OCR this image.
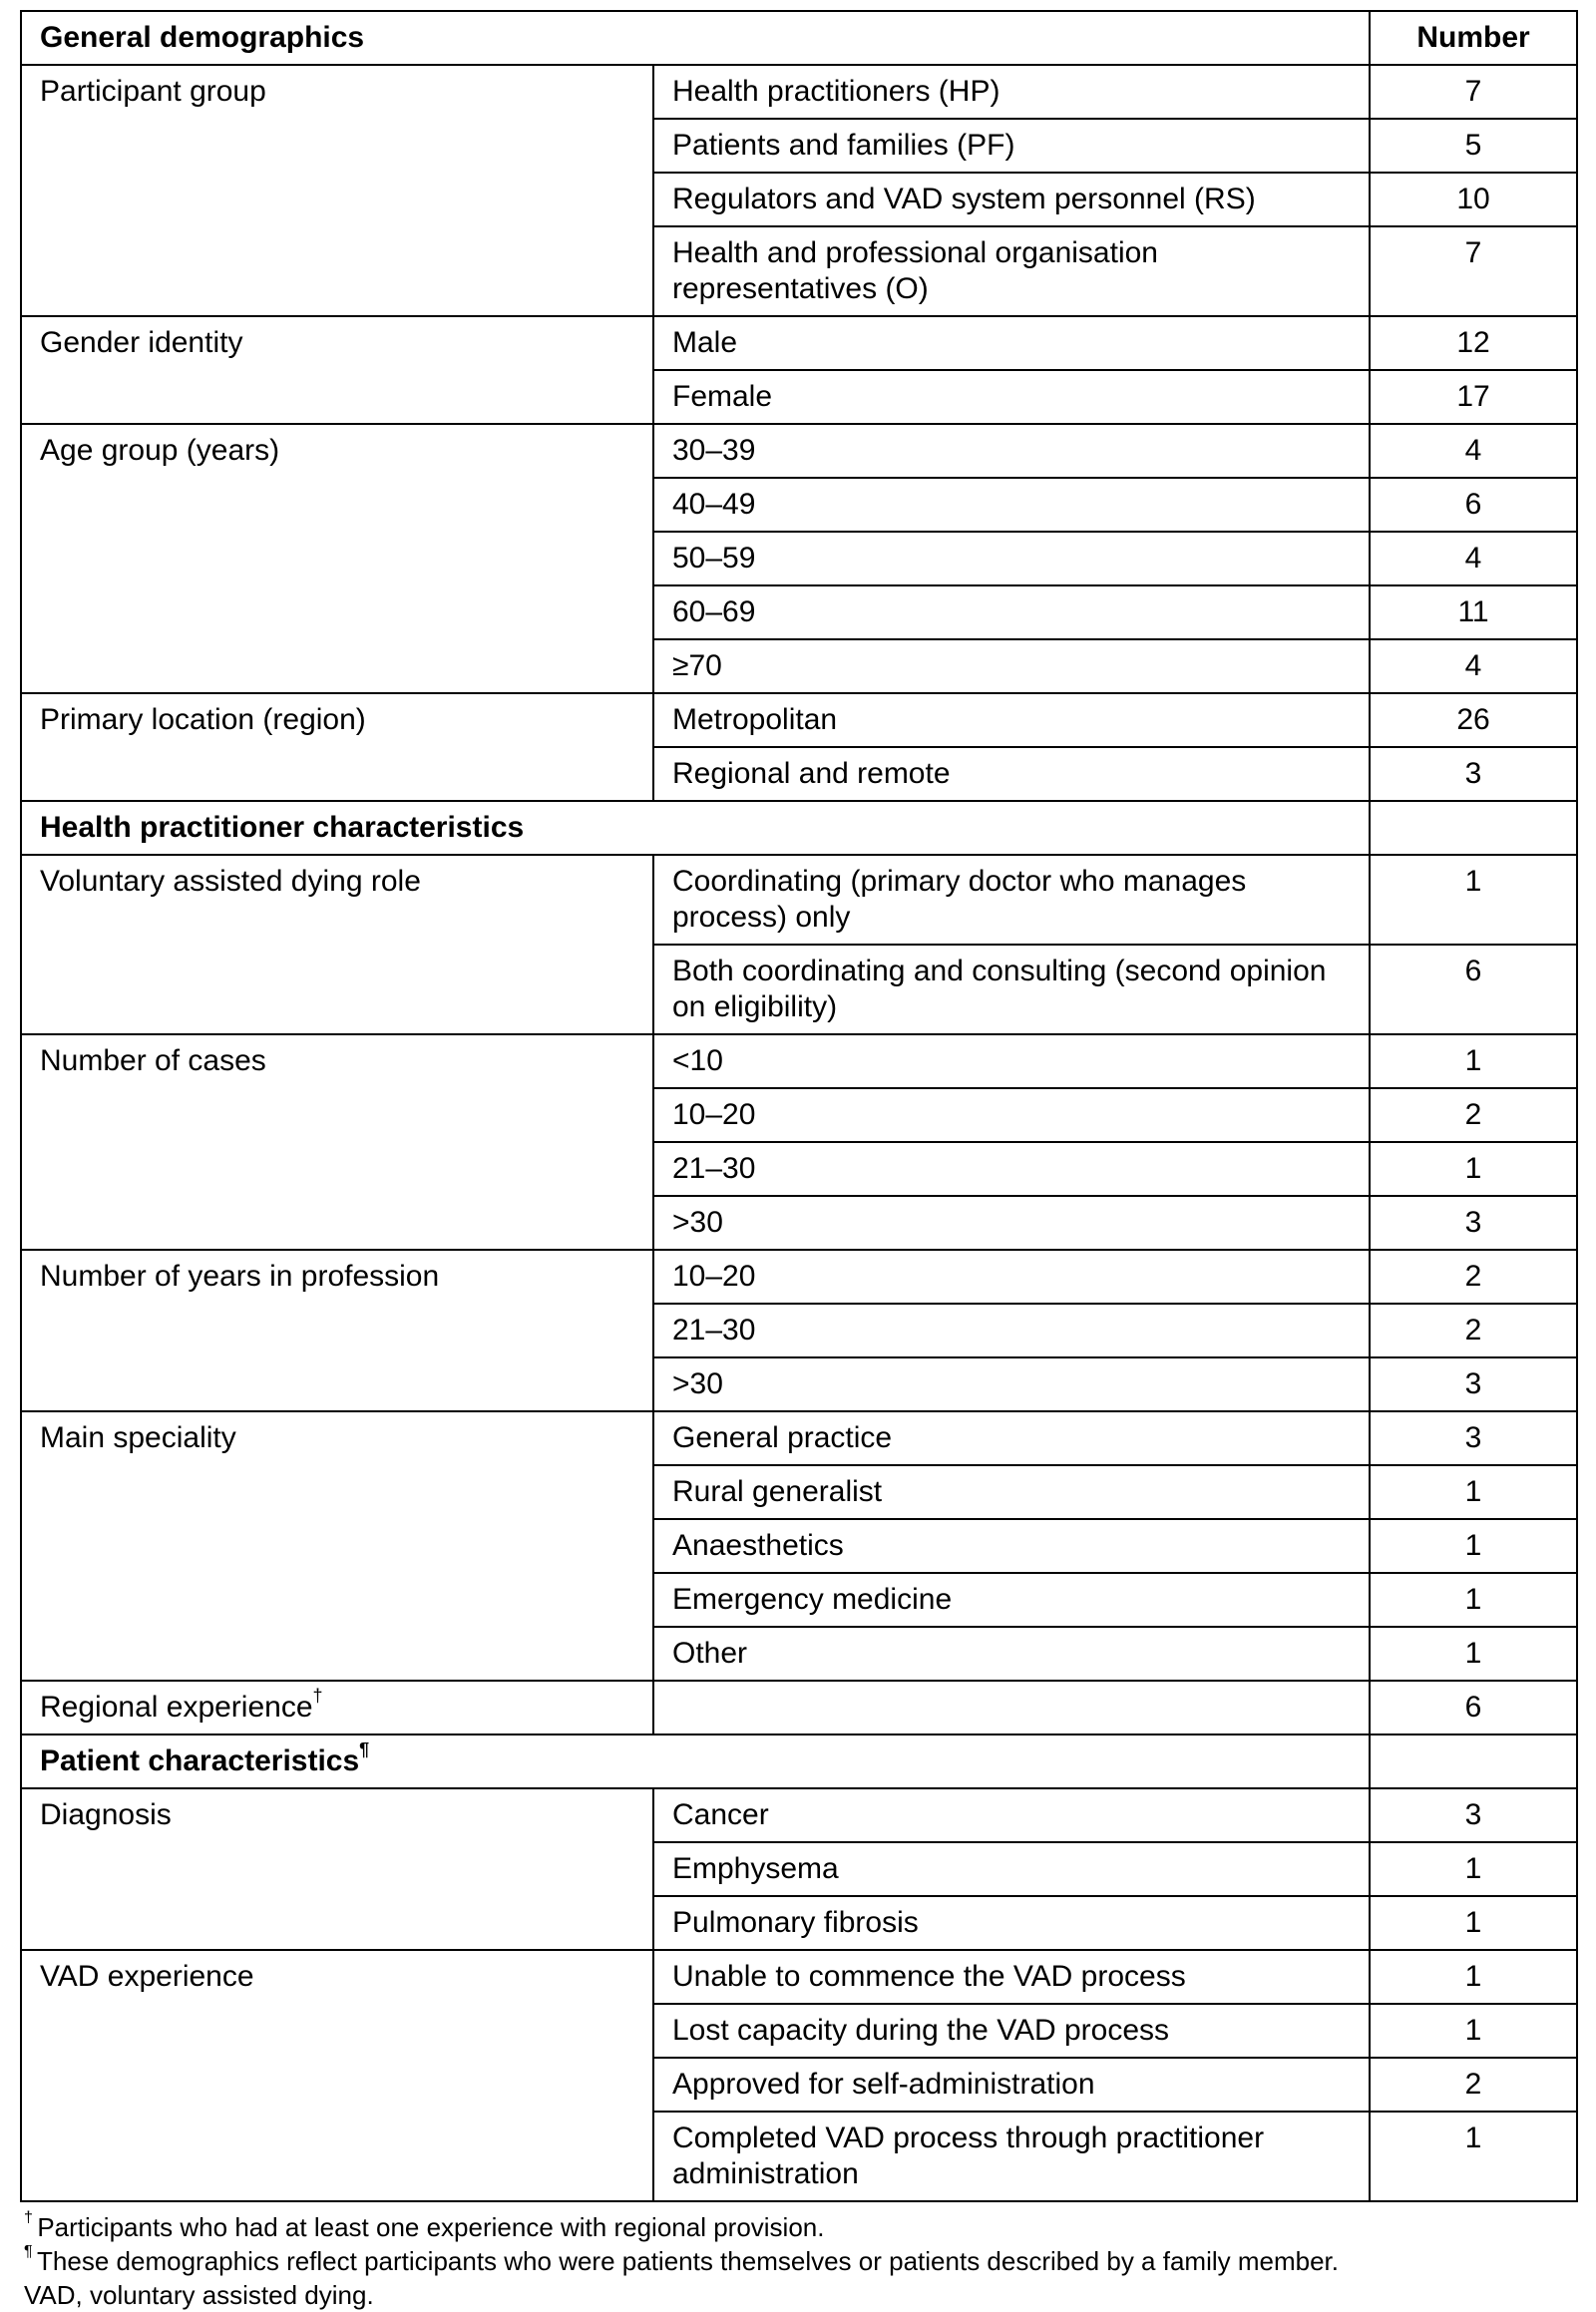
General demographics		Number
Participant group	Health practitioners (HP)	7
	Patients and families (PF)	5
	Regulators and VAD system personnel (RS)	10
	Health and professional organisation representatives (O)	7
Gender identity	Male	12
	Female	17
Age group (years)	30–39	4
	40–49	6
	50–59	4
	60–69	11
	≥70	4
Primary location (region)	Metropolitan	26
	Regional and remote	3
Health practitioner characteristics		
Voluntary assisted dying role	Coordinating (primary doctor who manages process) only	1
	Both coordinating and consulting (second opinion on eligibility)	6
Number of cases	<10	1
	10–20	2
	21–30	1
	>30	3
Number of years in profession	10–20	2
	21–30	2
	>30	3
Main speciality	General practice	3
	Rural generalist	1
	Anaesthetics	1
	Emergency medicine	1
	Other	1
Regional experience†		6
Patient characteristics¶	
Diagnosis	Cancer	3
	Emphysema	1
	Pulmonary fibrosis	1
VAD experience	Unable to commence the VAD process	1
	Lost capacity during the VAD process	1
	Approved for self-administration	2
	Completed VAD process through practitioner administration	1

† Participants who had at least one experience with regional provision.

¶ These demographics reflect participants who were patients themselves or patients described by a family member.

VAD, voluntary assisted dying.
